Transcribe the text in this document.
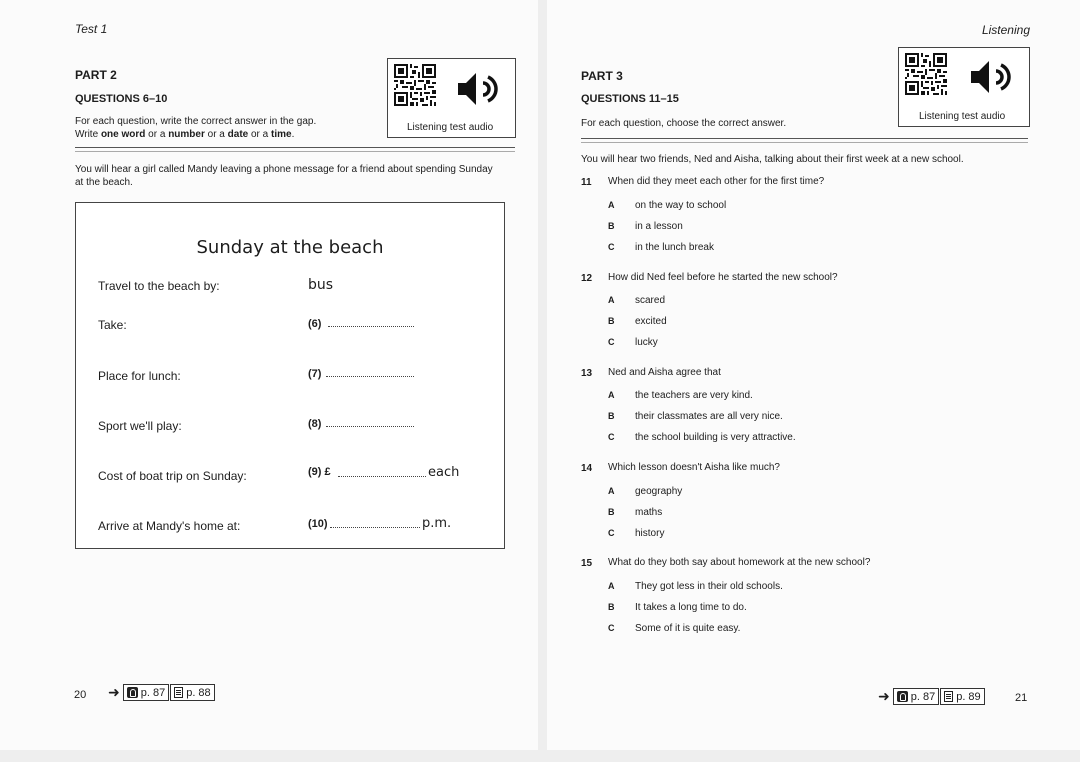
Test 1
PART 2
QUESTIONS 6–10
For each question, write the correct answer in the gap.
Write one word or a number or a date or a time.
Listening test audio
You will hear a girl called Mandy leaving a phone message for a friend about spending Sunday
at the beach.
Sunday at the beach
Travel to the beach by:	bus
Take:	(6)
Place for lunch:	(7)
Sport we'll play:	(8)
Cost of boat trip on Sunday:	(9) £	each
Arrive at Mandy's home at:	(10)	p.m.
20 ➜ p. 87 p. 88
Listening
PART 3
QUESTIONS 11–15
For each question, choose the correct answer.
Listening test audio
You will hear two friends, Ned and Aisha, talking about their first week at a new school.
11 When did they meet each other for the first time?
A on the way to school
B in a lesson
C in the lunch break
12 How did Ned feel before he started the new school?
A scared
B excited
C lucky
13 Ned and Aisha agree that
A the teachers are very kind.
B their classmates are all very nice.
C the school building is very attractive.
14 Which lesson doesn't Aisha like much?
A geography
B maths
C history
15 What do they both say about homework at the new school?
A They got less in their old schools.
B It takes a long time to do.
C Some of it is quite easy.
➜ p. 87 p. 89	21
